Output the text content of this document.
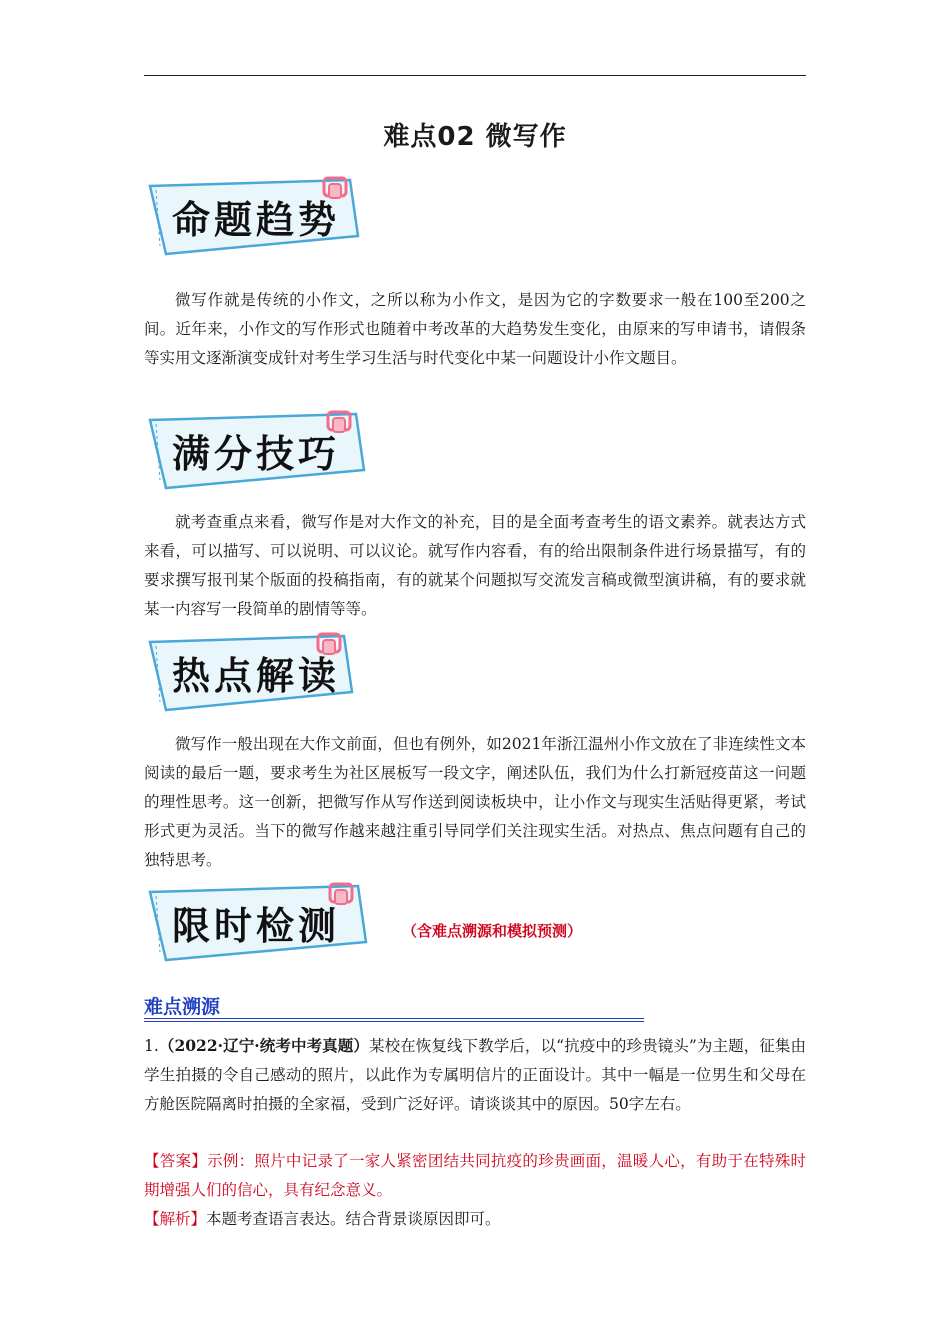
难点02 微写作
命题趋势
微写作就是传统的小作文，之所以称为小作文，是因为它的字数要求一般在100至200之间。近年来，小作文的写作形式也随着中考改革的大趋势发生变化，由原来的写申请书，请假条等实用文逐渐演变成针对考生学习生活与时代变化中某一问题设计小作文题目。
满分技巧
就考查重点来看，微写作是对大作文的补充，目的是全面考查考生的语文素养。就表达方式来看，可以描写、可以说明、可以议论。就写作内容看，有的给出限制条件进行场景描写，有的要求撰写报刊某个版面的投稿指南，有的就某个问题拟写交流发言稿或微型演讲稿，有的要求就某一内容写一段简单的剧情等等。
热点解读
微写作一般出现在大作文前面，但也有例外，如2021年浙江温州小作文放在了非连续性文本阅读的最后一题，要求考生为社区展板写一段文字，阐述队伍，我们为什么打新冠疫苗这一问题的理性思考。这一创新，把微写作从写作送到阅读板块中，让小作文与现实生活贴得更紧，考试形式更为灵活。当下的微写作越来越注重引导同学们关注现实生活。对热点、焦点问题有自己的独特思考。
限时检测	（含难点溯源和模拟预测）
难点溯源
1.（2022·辽宁·统考中考真题）某校在恢复线下教学后，以“抗疫中的珍贵镜头”为主题，征集由学生拍摄的令自己感动的照片，以此作为专属明信片的正面设计。其中一幅是一位男生和父母在方舱医院隔离时拍摄的全家福，受到广泛好评。请谈谈其中的原因。50字左右。
【答案】示例：照片中记录了一家人紧密团结共同抗疫的珍贵画面，温暖人心，有助于在特殊时期增强人们的信心，具有纪念意义。
【解析】本题考查语言表达。结合背景谈原因即可。
